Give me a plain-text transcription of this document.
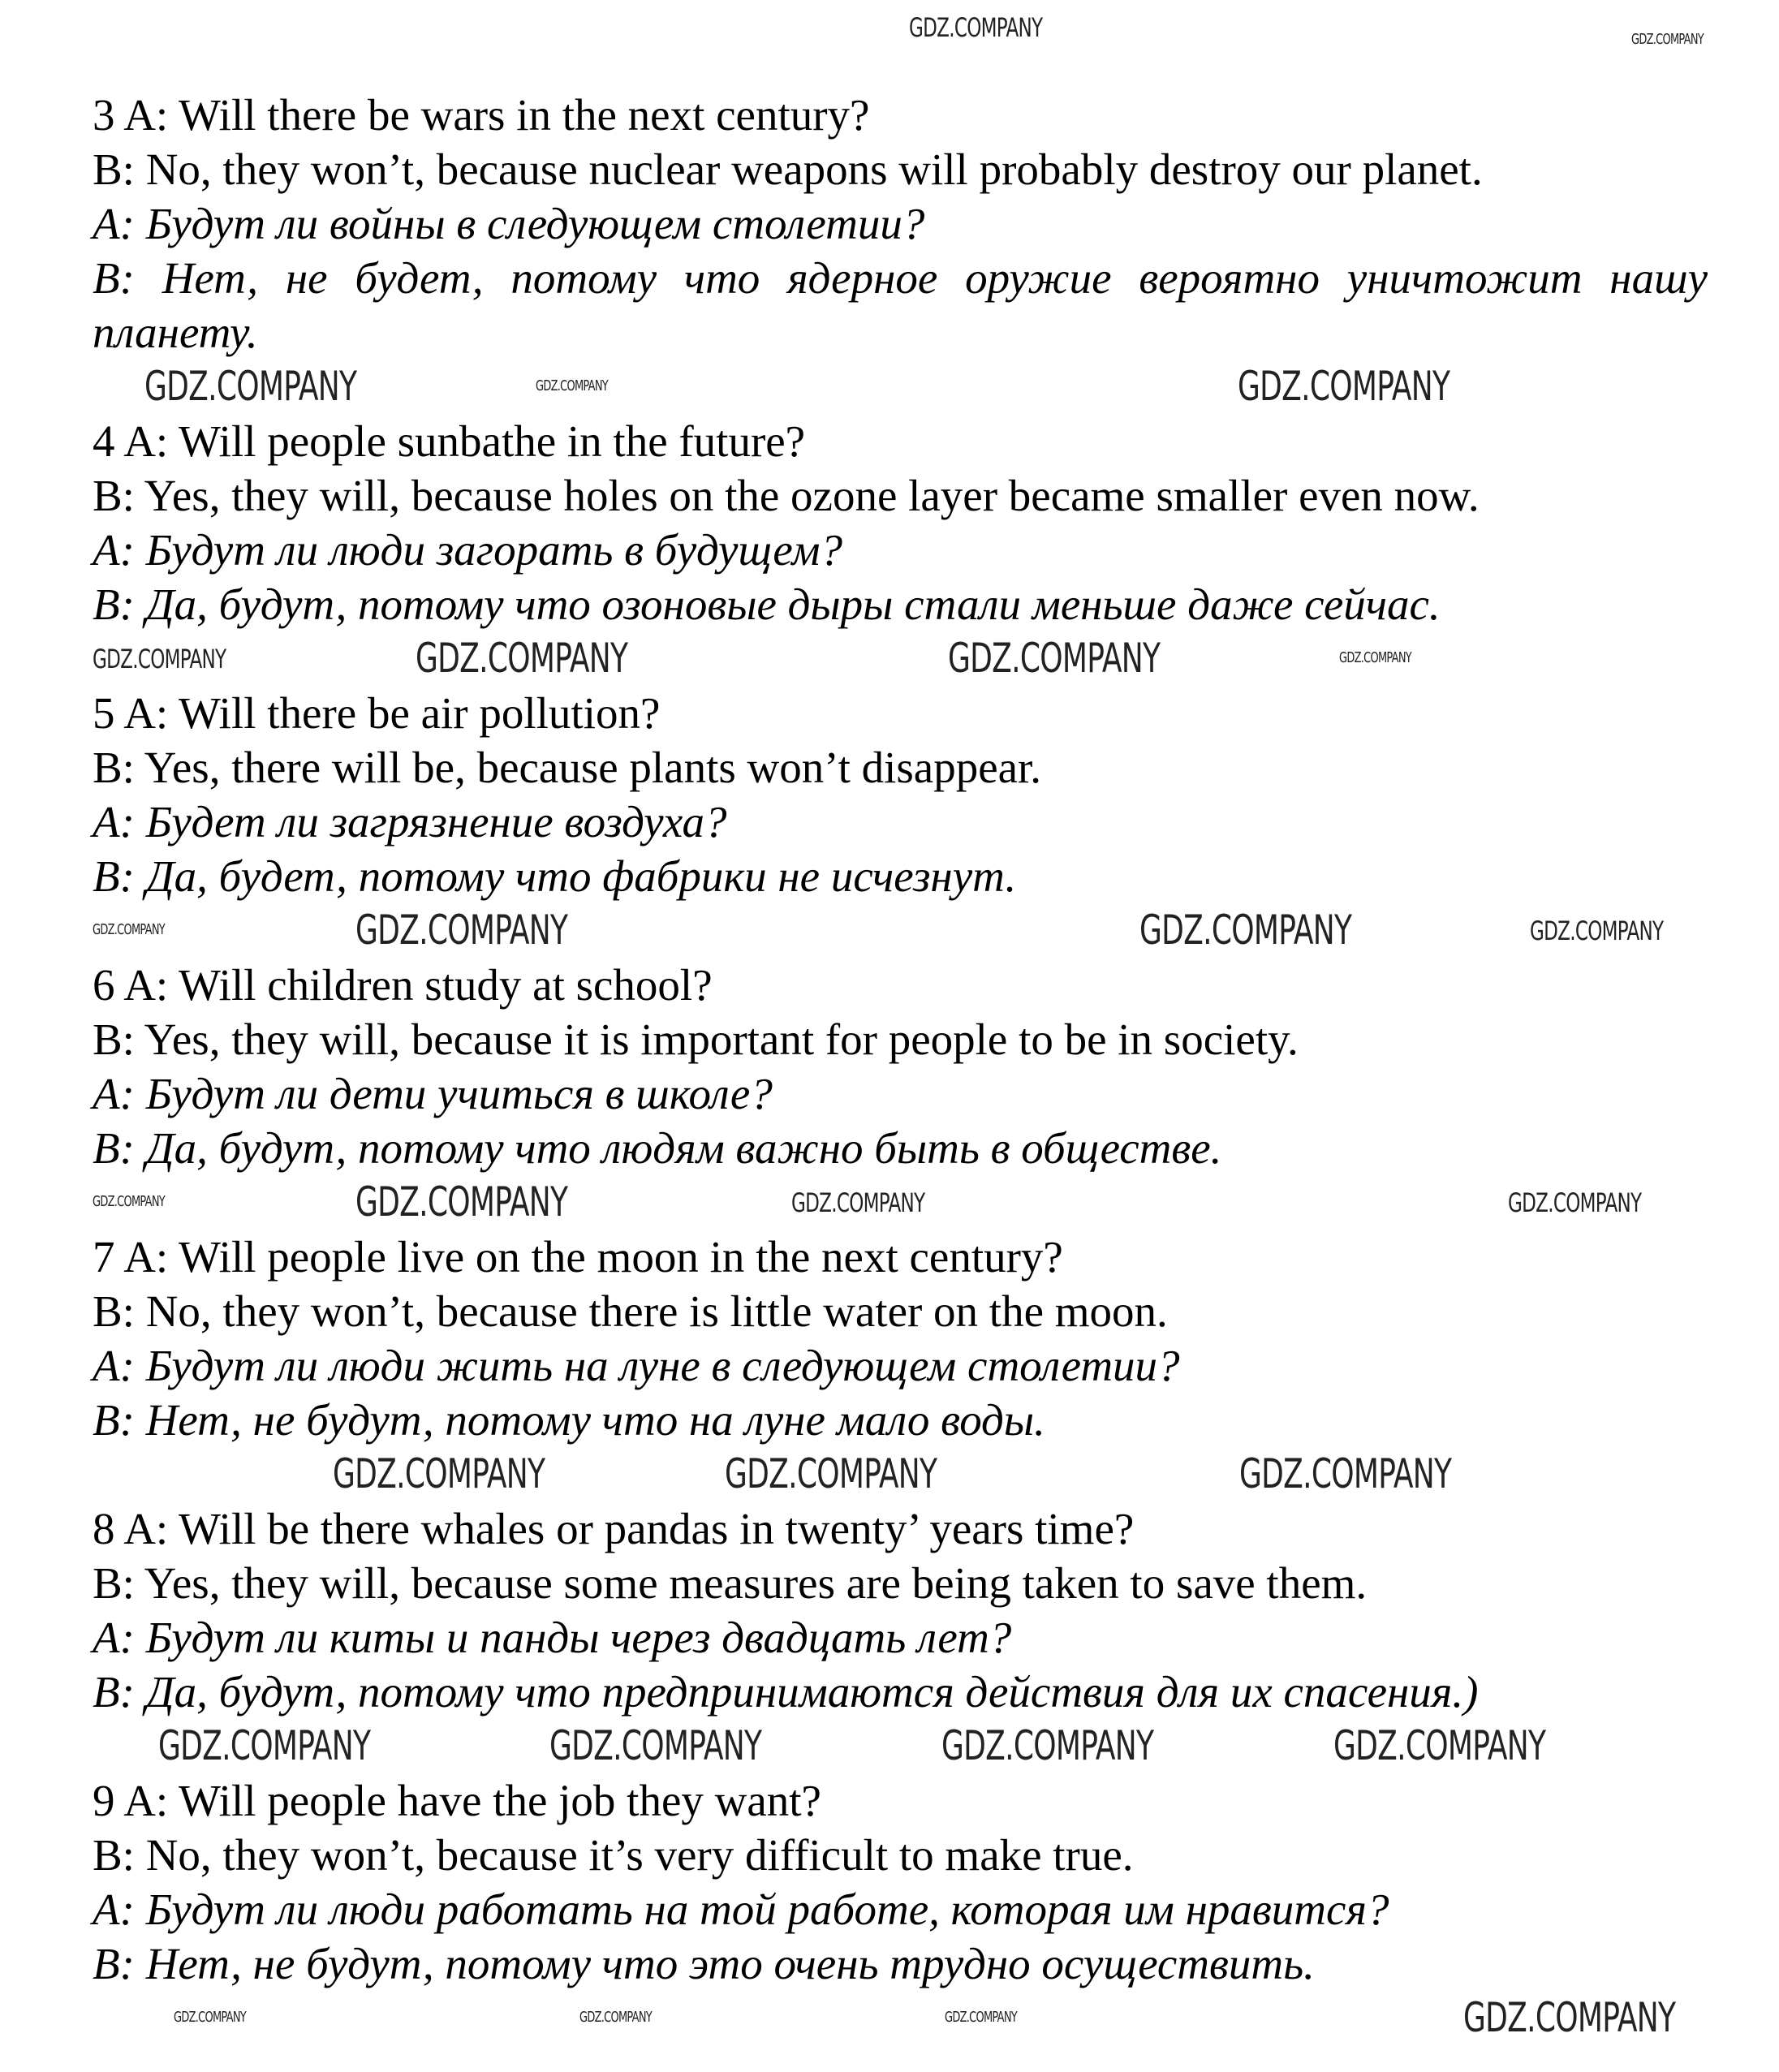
GDZ.COMPANY	GDZ.COMPANY

3 A: Will there be wars in the next century?

B: No, they won’t, because nuclear weapons will probably destroy our planet.

A: Будут ли войны в следующем столетии?

B: Нет, не будет, потому что ядерное оружие вероятно уничтожит нашу планету.

GDZ.COMPANY	GDZ.COMPANY	GDZ.COMPANY

4 A: Will people sunbathe in the future?

B: Yes, they will, because holes on the ozone layer became smaller even now.

A: Будут ли люди загорать в будущем?

B: Да, будут, потому что озоновые дыры стали меньше даже сейчас.

GDZ.COMPANY	GDZ.COMPANY	GDZ.COMPANY	GDZ.COMPANY

5 A: Will there be air pollution?

B: Yes, there will be, because plants won’t disappear.

A: Будет ли загрязнение воздуха?

B: Да, будет, потому что фабрики не исчезнут.

GDZ.COMPANY	GDZ.COMPANY	GDZ.COMPANY	GDZ.COMPANY

6 A: Will children study at school?

B: Yes, they will, because it is important for people to be in society.

A: Будут ли дети учиться в школе?

B: Да, будут, потому что людям важно быть в обществе.

GDZ.COMPANY	GDZ.COMPANY	GDZ.COMPANY	GDZ.COMPANY

7 A: Will people live on the moon in the next century?

B: No, they won’t, because there is little water on the moon.

A: Будут ли люди жить на луне в следующем столетии?

B: Нет, не будут, потому что на луне мало воды.

GDZ.COMPANY	GDZ.COMPANY	GDZ.COMPANY

8 A: Will be there whales or pandas in twenty’ years time?

B: Yes, they will, because some measures are being taken to save them.

A: Будут ли киты и панды через двадцать лет?

B: Да, будут, потому что предпринимаются действия для их спасения.)

GDZ.COMPANY	GDZ.COMPANY	GDZ.COMPANY	GDZ.COMPANY

9 A: Will people have the job they want?

B: No, they won’t, because it’s very difficult to make true.

A: Будут ли люди работать на той работе, которая им нравится?

B: Нет, не будут, потому что это очень трудно осуществить.

GDZ.COMPANY	GDZ.COMPANY	GDZ.COMPANY	GDZ.COMPANY
